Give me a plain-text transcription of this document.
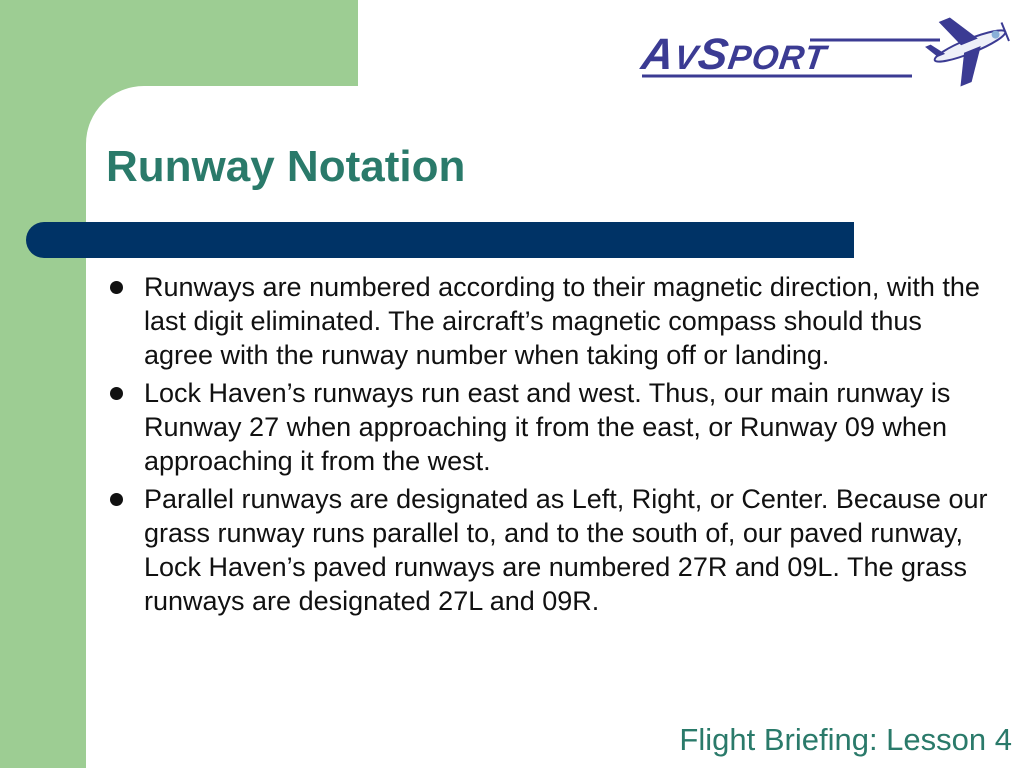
AVSPORT
Runway Notation
Runways are numbered according to their magnetic direction, with the last digit eliminated. The aircraft’s magnetic compass should thus agree with the runway number when taking off or landing.
Lock Haven’s runways run east and west. Thus, our main runway is Runway 27 when approaching it from the east, or Runway 09 when approaching it from the west.
Parallel runways are designated as Left, Right, or Center. Because our grass runway runs parallel to, and to the south of, our paved runway, Lock Haven’s paved runways are numbered 27R and 09L. The grass runways are designated 27L and 09R.
Flight Briefing: Lesson 4
